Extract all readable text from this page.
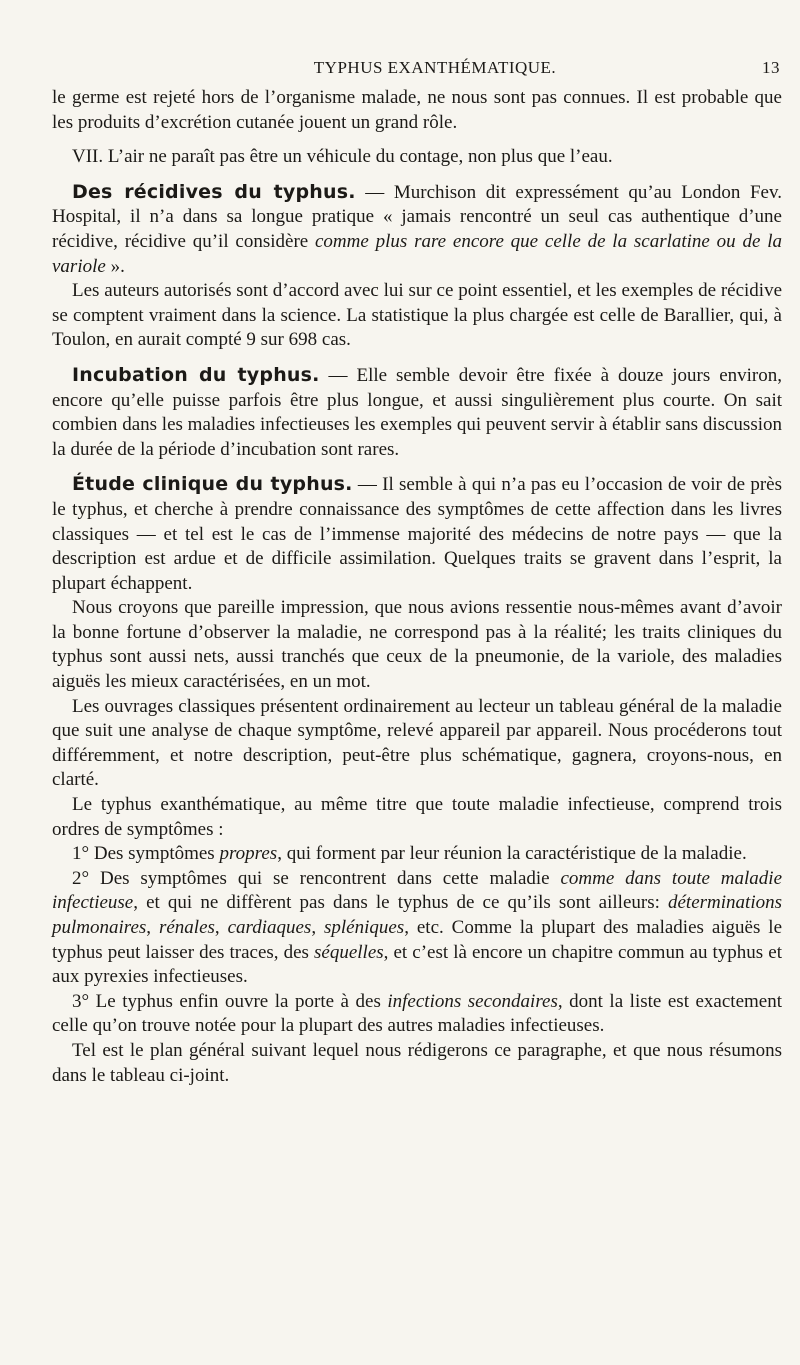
TYPHUS EXANTHÉMATIQUE.	13

le germe est rejeté hors de l’organisme malade, ne nous sont pas connues. Il est probable que les produits d’excrétion cutanée jouent un grand rôle.

VII. L’air ne paraît pas être un véhicule du contage, non plus que l’eau.

Des récidives du typhus. — Murchison dit expressément qu’au London Fev. Hospital, il n’a dans sa longue pratique « jamais rencontré un seul cas authentique d’une récidive, récidive qu’il considère comme plus rare encore que celle de la scarlatine ou de la variole ».

Les auteurs autorisés sont d’accord avec lui sur ce point essentiel, et les exemples de récidive se comptent vraiment dans la science. La statistique la plus chargée est celle de Barallier, qui, à Toulon, en aurait compté 9 sur 698 cas.

Incubation du typhus. — Elle semble devoir être fixée à douze jours environ, encore qu’elle puisse parfois être plus longue, et aussi singulièrement plus courte. On sait combien dans les maladies infectieuses les exemples qui peuvent servir à établir sans discussion la durée de la période d’incubation sont rares.

Étude clinique du typhus. — Il semble à qui n’a pas eu l’occasion de voir de près le typhus, et cherche à prendre connaissance des symptômes de cette affection dans les livres classiques — et tel est le cas de l’immense majorité des médecins de notre pays — que la description est ardue et de difficile assimilation. Quelques traits se gravent dans l’esprit, la plupart échappent.

Nous croyons que pareille impression, que nous avions ressentie nous-mêmes avant d’avoir la bonne fortune d’observer la maladie, ne correspond pas à la réalité; les traits cliniques du typhus sont aussi nets, aussi tranchés que ceux de la pneumonie, de la variole, des maladies aiguës les mieux caractérisées, en un mot.

Les ouvrages classiques présentent ordinairement au lecteur un tableau général de la maladie que suit une analyse de chaque symptôme, relevé appareil par appareil. Nous procéderons tout différemment, et notre description, peut-être plus schématique, gagnera, croyons-nous, en clarté.

Le typhus exanthématique, au même titre que toute maladie infectieuse, comprend trois ordres de symptômes :

1° Des symptômes propres, qui forment par leur réunion la caractéristique de la maladie.

2° Des symptômes qui se rencontrent dans cette maladie comme dans toute maladie infectieuse, et qui ne diffèrent pas dans le typhus de ce qu’ils sont ailleurs: déterminations pulmonaires, rénales, cardiaques, spléniques, etc. Comme la plupart des maladies aiguës le typhus peut laisser des traces, des séquelles, et c’est là encore un chapitre commun au typhus et aux pyrexies infectieuses.

3° Le typhus enfin ouvre la porte à des infections secondaires, dont la liste est exactement celle qu’on trouve notée pour la plupart des autres maladies infectieuses.

Tel est le plan général suivant lequel nous rédigerons ce paragraphe, et que nous résumons dans le tableau ci-joint.
